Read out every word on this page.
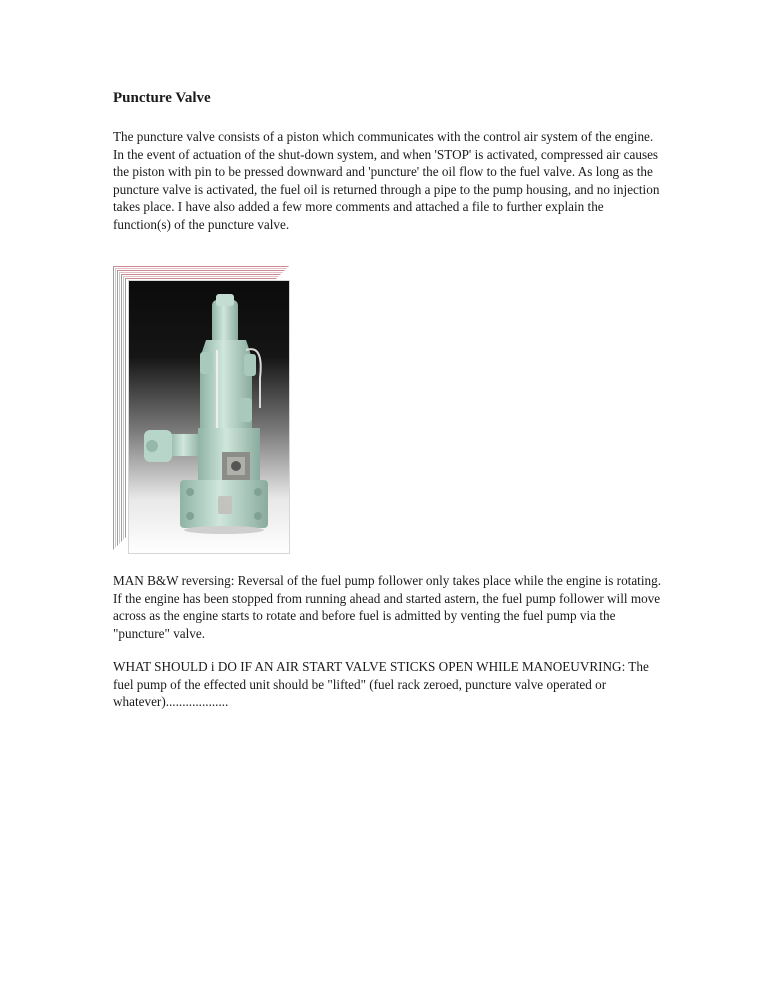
Puncture Valve

The puncture valve consists of a piston which communicates with the control air system of the engine. In the event of actuation of the shut-down system, and when 'STOP' is activated, compressed air causes the piston with pin to be pressed downward and 'puncture' the oil flow to the fuel valve. As long as the puncture valve is activated, the fuel oil is returned through a pipe to the pump housing, and no injection takes place. I have also added a few more comments and attached a file to further explain the function(s) of the puncture valve.

MAN B&W reversing: Reversal of the fuel pump follower only takes place while the engine is rotating. If the engine has been stopped from running ahead and started astern, the fuel pump follower will move across as the engine starts to rotate and before fuel is admitted by venting the fuel pump via the "puncture" valve.

WHAT SHOULD i DO IF AN AIR START VALVE STICKS OPEN WHILE MANOEUVRING: The fuel pump of the effected unit should be "lifted" (fuel rack zeroed, puncture valve operated or whatever)...................
